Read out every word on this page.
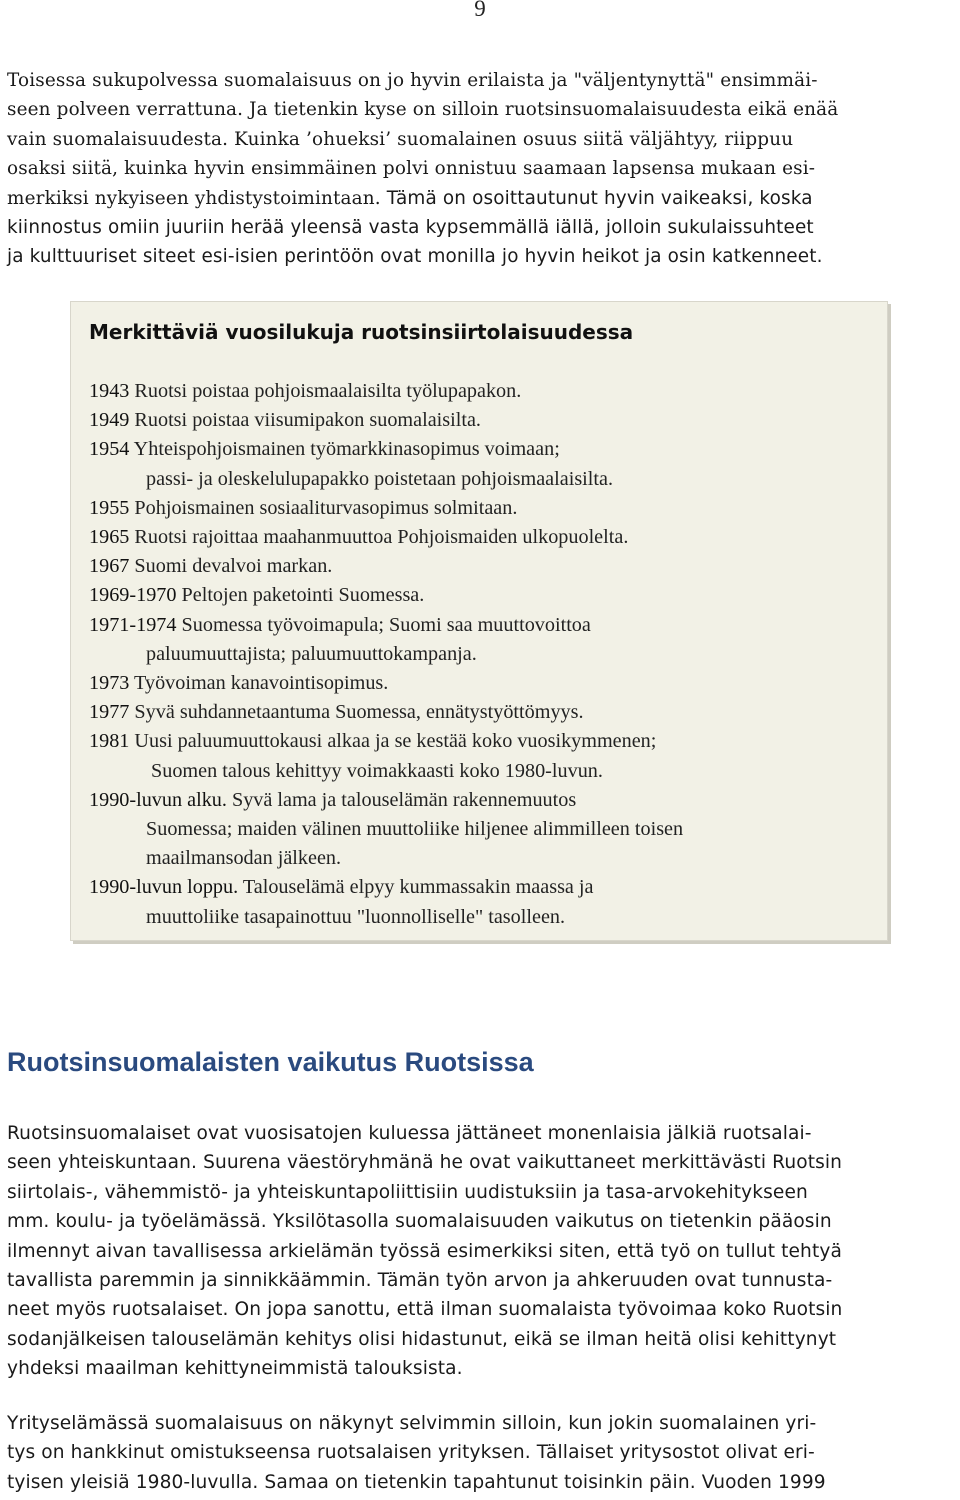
9

Toisessa sukupolvessa suomalaisuus on jo hyvin erilaista ja "väljentynyttä" ensimmäi-
seen polveen verrattuna. Ja tietenkin kyse on silloin ruotsinsuomalaisuudesta eikä enää
vain suomalaisuudesta. Kuinka ’ohueksi’ suomalainen osuus siitä väljähtyy, riippuu
osaksi siitä, kuinka hyvin ensimmäinen polvi onnistuu saamaan lapsensa mukaan esi-
merkiksi nykyiseen yhdistystoimintaan. Tämä on osoittautunut hyvin vaikeaksi, koska
kiinnostus omiin juuriin herää yleensä vasta kypsemmällä iällä, jolloin sukulaissuhteet
ja kulttuuriset siteet esi-isien perintöön ovat monilla jo hyvin heikot ja osin katkenneet.

Merkittäviä vuosilukuja ruotsinsiirtolaisuudessa
1943 Ruotsi poistaa pohjoismaalaisilta työlupapakon.
1949 Ruotsi poistaa viisumipakon suomalaisilta.
1954 Yhteispohjoismainen työmarkkinasopimus voimaan;
passi- ja oleskelulupapakko poistetaan pohjoismaalaisilta.
1955 Pohjoismainen sosiaaliturvasopimus solmitaan.
1965 Ruotsi rajoittaa maahanmuuttoa Pohjoismaiden ulkopuolelta.
1967 Suomi devalvoi markan.
1969-1970 Peltojen paketointi Suomessa.
1971-1974 Suomessa työvoimapula; Suomi saa muuttovoittoa
paluumuuttajista; paluumuuttokampanja.
1973 Työvoiman kanavointisopimus.
1977 Syvä suhdannetaantuma Suomessa, ennätystyöttömyys.
1981 Uusi paluumuuttokausi alkaa ja se kestää koko vuosikymmenen;
Suomen talous kehittyy voimakkaasti koko 1980-luvun.
1990-luvun alku. Syvä lama ja talouselämän rakennemuutos
Suomessa; maiden välinen muuttoliike hiljenee alimmilleen toisen
maailmansodan jälkeen.
1990-luvun loppu. Talouselämä elpyy kummassakin maassa ja
muuttoliike tasapainottuu "luonnolliselle" tasolleen.
Ruotsinsuomalaisten vaikutus Ruotsissa

Ruotsinsuomalaiset ovat vuosisatojen kuluessa jättäneet monenlaisia jälkiä ruotsalai-
seen yhteiskuntaan. Suurena väestöryhmänä he ovat vaikuttaneet merkittävästi Ruotsin
siirtolais-, vähemmistö- ja yhteiskuntapoliittisiin uudistuksiin ja tasa-arvokehitykseen
mm. koulu- ja työelämässä. Yksilötasolla suomalaisuuden vaikutus on tietenkin pääosin
ilmennyt aivan tavallisessa arkielämän työssä esimerkiksi siten, että työ on tullut tehtyä
tavallista paremmin ja sinnikkäämmin. Tämän työn arvon ja ahkeruuden ovat tunnusta-
neet myös ruotsalaiset. On jopa sanottu, että ilman suomalaista työvoimaa koko Ruotsin
sodanjälkeisen talouselämän kehitys olisi hidastunut, eikä se ilman heitä olisi kehittynyt
yhdeksi maailman kehittyneimmistä talouksista.

Yrityselämässä suomalaisuus on näkynyt selvimmin silloin, kun jokin suomalainen yri-
tys on hankkinut omistukseensa ruotsalaisen yrityksen. Tällaiset yritysostot olivat eri-
tyisen yleisiä 1980-luvulla. Samaa on tietenkin tapahtunut toisinkin päin. Vuoden 1999
